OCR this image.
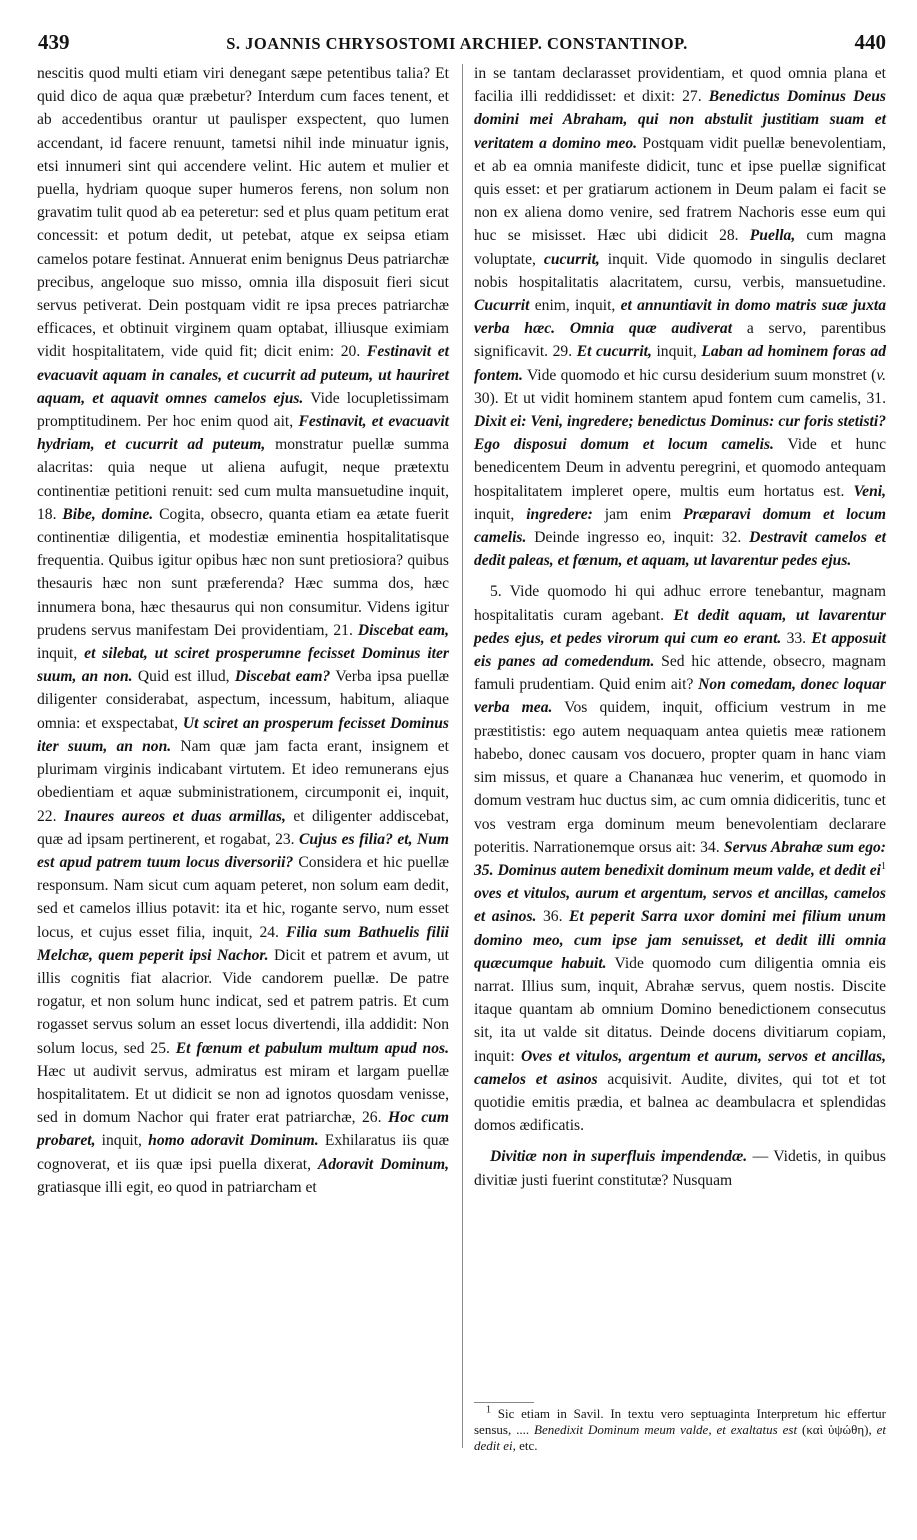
439	S. JOANNIS CHRYSOSTOMI ARCHIEP. CONSTANTINOP.	440

nescitis quod multi etiam viri denegant sæpe petentibus talia? Et quid dico de aqua quæ præbetur? Interdum cum faces tenent, et ab accedentibus orantur ut paulisper exspectent, quo lumen accendant, id facere renuunt, tametsi nihil inde minuatur ignis, etsi innumeri sint qui accendere velint. Hic autem et mulier et puella, hydriam quoque super humeros ferens, non solum non gravatim tulit quod ab ea peteretur: sed et plus quam petitum erat concessit: et potum dedit, ut petebat, atque ex seipsa etiam camelos potare festinat. Annuerat enim benignus Deus patriarchæ precibus, angeloque suo misso, omnia illa disposuit fieri sicut servus petiverat. Dein postquam vidit re ipsa preces patriarchæ efficaces, et obtinuit virginem quam optabat, illiusque eximiam vidit hospitalitatem, vide quid fit; dicit enim: 20. Festinavit et evacuavit aquam in canales, et cucurrit ad puteum, ut hauriret aquam, et aquavit omnes camelos ejus. Vide locupletissimam promptitudinem. Per hoc enim quod ait, Festinavit, et evacuavit hydriam, et cucurrit ad puteum, monstratur puellæ summa alacritas: quia neque ut aliena aufugit, neque prætextu continentiæ petitioni renuit: sed cum multa mansuetudine inquit, 18. Bibe, domine. Cogita, obsecro, quanta etiam ea ætate fuerit continentiæ diligentia, et modestiæ eminentia hospitalitatisque frequentia. Quibus igitur opibus hæc non sunt pretiosiora? quibus thesauris hæc non sunt præferenda? Hæc summa dos, hæc innumera bona, hæc thesaurus qui non consumitur. Videns igitur prudens servus manifestam Dei providentiam, 21. Discebat eam, inquit, et silebat, ut sciret prosperumne fecisset Dominus iter suum, an non. Quid est illud, Discebat eam? Verba ipsa puellæ diligenter considerabat, aspectum, incessum, habitum, aliaque omnia: et exspectabat, Ut sciret an prosperum fecisset Dominus iter suum, an non. Nam quæ jam facta erant, insignem et plurimam virginis indicabant virtutem. Et ideo remunerans ejus obedientiam et aquæ subministrationem, circumponit ei, inquit, 22. Inaures aureos et duas armillas, et diligenter addiscebat, quæ ad ipsam pertinerent, et rogabat, 23. Cujus es filia? et, Num est apud patrem tuum locus diversorii? Considera et hic puellæ responsum. Nam sicut cum aquam peteret, non solum eam dedit, sed et camelos illius potavit: ita et hic, rogante servo, num esset locus, et cujus esset filia, inquit, 24. Filia sum Bathuelis filii Melchæ, quem peperit ipsi Nachor. Dicit et patrem et avum, ut illis cognitis fiat alacrior. Vide candorem puellæ. De patre rogatur, et non solum hunc indicat, sed et patrem patris. Et cum rogasset servus solum an esset locus divertendi, illa addidit: Non solum locus, sed 25. Et fœnum et pabulum multum apud nos. Hæc ut audivit servus, admiratus est miram et largam puellæ hospitalitatem. Et ut didicit se non ad ignotos quosdam venisse, sed in domum Nachor qui frater erat patriarchæ, 26. Hoc cum probaret, inquit, homo adoravit Dominum. Exhilaratus iis quæ cognoverat, et iis quæ ipsi puella dixerat, Adoravit Dominum, gratiasque illi egit, eo quod in patriarcham et

in se tantam declarasset providentiam, et quod omnia plana et facilia illi reddidisset: et dixit: 27. Benedictus Dominus Deus domini mei Abraham, qui non abstulit justitiam suam et veritatem a domino meo. Postquam vidit puellæ benevolentiam, et ab ea omnia manifeste didicit, tunc et ipse puellæ significat quis esset: et per gratiarum actionem in Deum palam ei facit se non ex aliena domo venire, sed fratrem Nachoris esse eum qui huc se misisset. Hæc ubi didicit 28. Puella, cum magna voluptate, cucurrit, inquit. Vide quomodo in singulis declaret nobis hospitalitatis alacritatem, cursu, verbis, mansuetudine. Cucurrit enim, inquit, et annuntiavit in domo matris suæ juxta verba hæc. Omnia quæ audiverat a servo, parentibus significavit. 29. Et cucurrit, inquit, Laban ad hominem foras ad fontem. Vide quomodo et hic cursu desiderium suum monstret (v. 30). Et ut vidit hominem stantem apud fontem cum camelis, 31. Dixit ei: Veni, ingredere; benedictus Dominus: cur foris stetisti? Ego disposui domum et locum camelis. Vide et hunc benedicentem Deum in adventu peregrini, et quomodo antequam hospitalitatem impleret opere, multis eum hortatus est. Veni, inquit, ingredere: jam enim Præparavi domum et locum camelis. Deinde ingresso eo, inquit: 32. Destravit camelos et dedit paleas, et fœnum, et aquam, ut lavarentur pedes ejus.

5. Vide quomodo hi qui adhuc errore tenebantur, magnam hospitalitatis curam agebant. Et dedit aquam, ut lavarentur pedes ejus, et pedes virorum qui cum eo erant. 33. Et apposuit eis panes ad comedendum. Sed hic attende, obsecro, magnam famuli prudentiam. Quid enim ait? Non comedam, donec loquar verba mea. Vos quidem, inquit, officium vestrum in me præstitistis: ego autem nequaquam antea quietis meæ rationem habebo, donec causam vos docuero, propter quam in hanc viam sim missus, et quare a Chananæa huc venerim, et quomodo in domum vestram huc ductus sim, ac cum omnia didiceritis, tunc et vos vestram erga dominum meum benevolentiam declarare poteritis. Narrationemque orsus ait: 34. Servus Abrahæ sum ego: 35. Dominus autem benedixit dominum meum valde, et dedit $ei^1$ oves et vitulos, aurum et argentum, servos et ancillas, camelos et asinos. 36. Et peperit Sarra uxor domini mei filium unum domino meo, cum ipse jam senuisset, et dedit illi omnia quæcumque habuit. Vide quomodo cum diligentia omnia eis narrat. Illius sum, inquit, Abrahæ servus, quem nostis. Discite itaque quantam ab omnium Domino benedictionem consecutus sit, ita ut valde sit ditatus. Deinde docens divitiarum copiam, inquit: Oves et vitulos, argentum et aurum, servos et ancillas, camelos et asinos acquisivit. Audite, divites, qui tot et tot quotidie emitis prædia, et balnea ac deambulacra et splendidas domos ædificatis.

Divitiæ non in superfluis impendendæ. — Videtis, in quibus divitiæ justi fuerint constitutæ? Nusquam

$^1$ Sic etiam in Savil. In textu vero septuaginta Interpretum hic effertur sensus, .... Benedixit Dominum meum valde, et exaltatus est (καὶ ὑψώθη), et dedit ei, etc.
